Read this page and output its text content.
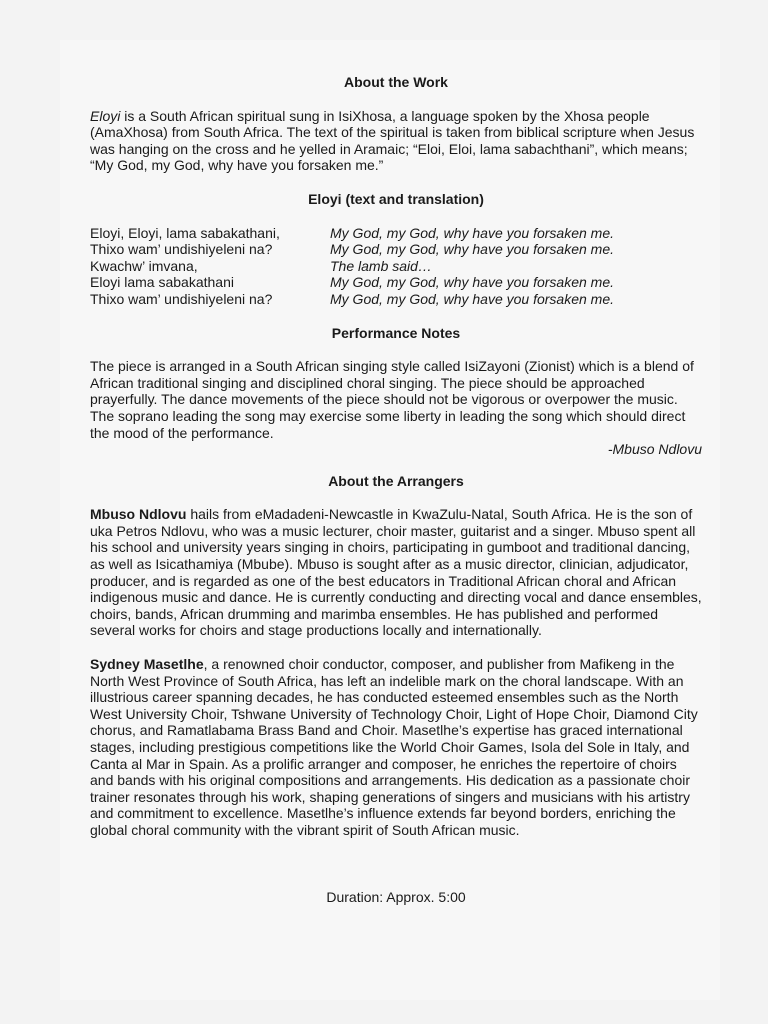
About the Work

Eloyi is a South African spiritual sung in IsiXhosa, a language spoken by the Xhosa people (AmaXhosa) from South Africa. The text of the spiritual is taken from biblical scripture when Jesus was hanging on the cross and he yelled in Aramaic; “Eloi, Eloi, lama sabachthani”, which means; “My God, my God, why have you forsaken me.”

Eloyi (text and translation)
Eloyi, Eloyi, lama sabakathani,	My God, my God, why have you forsaken me.
Thixo wam’ undishiyeleni na?	My God, my God, why have you forsaken me.
Kwachw’ imvana,	The lamb said…
Eloyi lama sabakathani	My God, my God, why have you forsaken me.
Thixo wam’ undishiyeleni na?	My God, my God, why have you forsaken me.
Performance Notes

The piece is arranged in a South African singing style called IsiZayoni (Zionist) which is a blend of African traditional singing and disciplined choral singing. The piece should be approached prayerfully. The dance movements of the piece should not be vigorous or overpower the music. The soprano leading the song may exercise some liberty in leading the song which should direct the mood of the performance.

-Mbuso Ndlovu

About the Arrangers

Mbuso Ndlovu hails from eMadadeni-Newcastle in KwaZulu-Natal, South Africa. He is the son of uka Petros Ndlovu, who was a music lecturer, choir master, guitarist and a singer. Mbuso spent all his school and university years singing in choirs, participating in gumboot and traditional dancing, as well as Isicathamiya (Mbube). Mbuso is sought after as a music director, clinician, adjudicator, producer, and is regarded as one of the best educators in Traditional African choral and African indigenous music and dance. He is currently conducting and directing vocal and dance ensembles, choirs, bands, African drumming and marimba ensembles. He has published and performed several works for choirs and stage productions locally and internationally.

Sydney Masetlhe, a renowned choir conductor, composer, and publisher from Mafikeng in the North West Province of South Africa, has left an indelible mark on the choral landscape. With an illustrious career spanning decades, he has conducted esteemed ensembles such as the North West University Choir, Tshwane University of Technology Choir, Light of Hope Choir, Diamond City chorus, and Ramatlabama Brass Band and Choir. Masetlhe’s expertise has graced international stages, including prestigious competitions like the World Choir Games, Isola del Sole in Italy, and Canta al Mar in Spain. As a prolific arranger and composer, he enriches the repertoire of choirs and bands with his original compositions and arrangements. His dedication as a passionate choir trainer resonates through his work, shaping generations of singers and musicians with his artistry and commitment to excellence. Masetlhe’s influence extends far beyond borders, enriching the global choral community with the vibrant spirit of South African music.

Duration: Approx. 5:00
